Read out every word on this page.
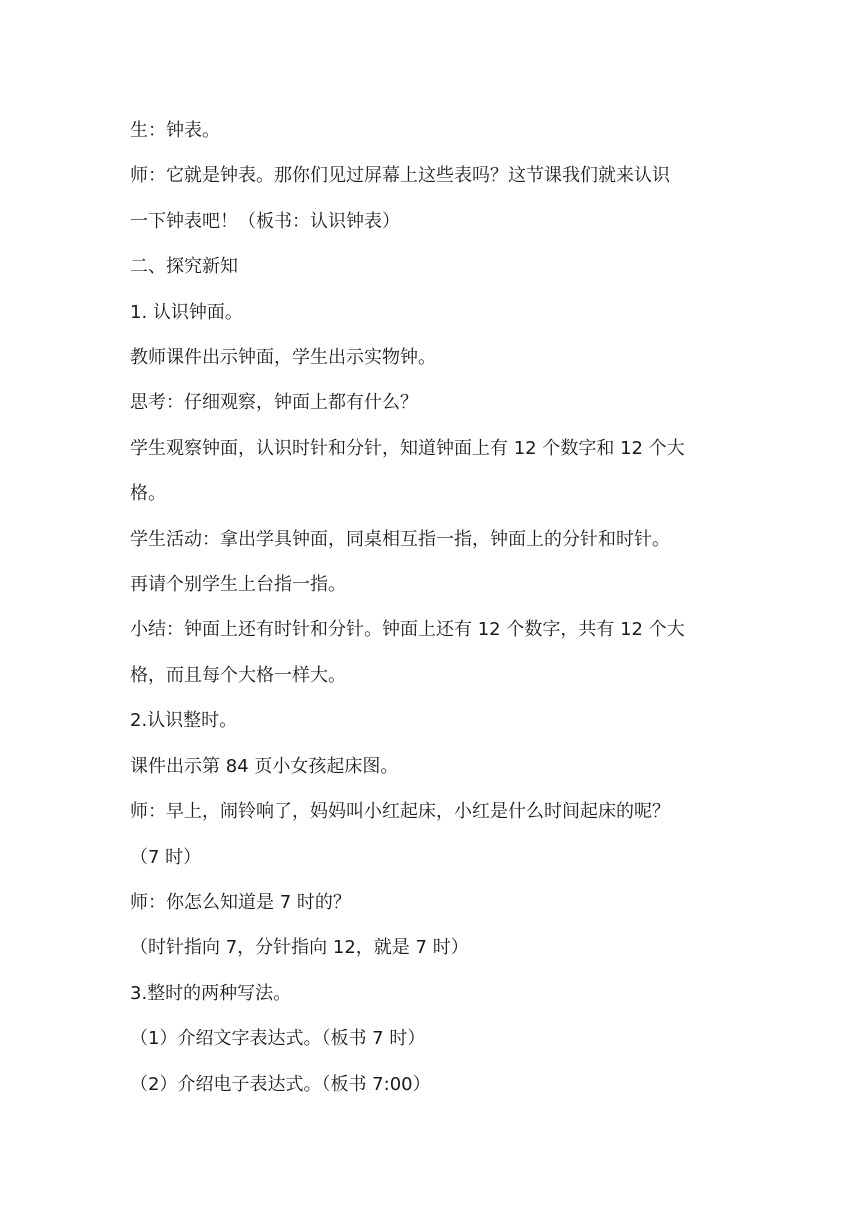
生：钟表。

师：它就是钟表。那你们见过屏幕上这些表吗？这节课我们就来认识

一下钟表吧！（板书：认识钟表）

二、探究新知

1. 认识钟面。

教师课件出示钟面，学生出示实物钟。

思考：仔细观察，钟面上都有什么？

学生观察钟面，认识时针和分针，知道钟面上有 12 个数字和 12 个大

格。

学生活动：拿出学具钟面，同桌相互指一指，钟面上的分针和时针。

再请个别学生上台指一指。

小结：钟面上还有时针和分针。钟面上还有 12 个数字，共有 12 个大

格，而且每个大格一样大。

2.认识整时。

课件出示第 84 页小女孩起床图。

师：早上，闹铃响了，妈妈叫小红起床，小红是什么时间起床的呢？

（7 时）

师：你怎么知道是 7 时的？

（时针指向 7，分针指向 12，就是 7 时）

3.整时的两种写法。

（1）介绍文字表达式。（板书 7 时）

（2）介绍电子表达式。（板书 7:00）
